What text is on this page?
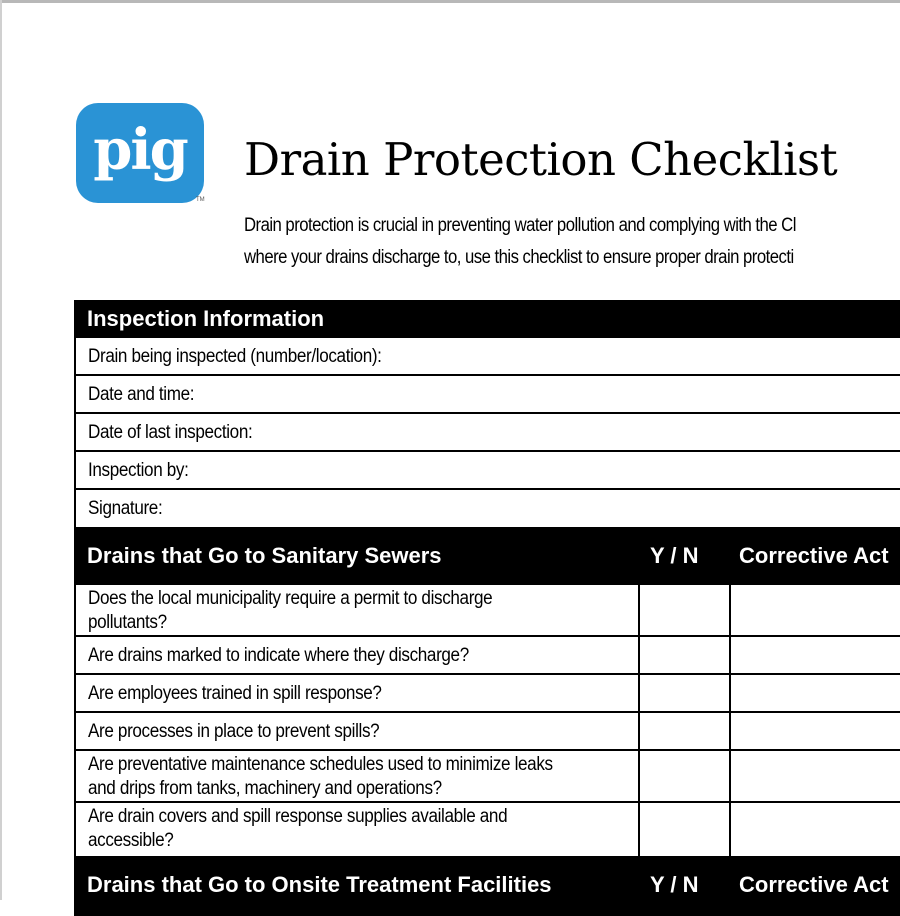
pig
TM
Drain Protection Checklist
Drain protection is crucial in preventing water pollution and complying with the Cl
where your drains discharge to, use this checklist to ensure proper drain protecti
Inspection Information
Drain being inspected (number/location):
Date and time:
Date of last inspection:
Inspection by:
Signature:
Drains that Go to Sanitary Sewers	Y / N Corrective Act
Does the local municipality require a permit to discharge
pollutants?
Are drains marked to indicate where they discharge?
Are employees trained in spill response?
Are processes in place to prevent spills?
Are preventative maintenance schedules used to minimize leaks
and drips from tanks, machinery and operations?
Are drain covers and spill response supplies available and
accessible?
Drains that Go to Onsite Treatment Facilities	Y / N Corrective Act
